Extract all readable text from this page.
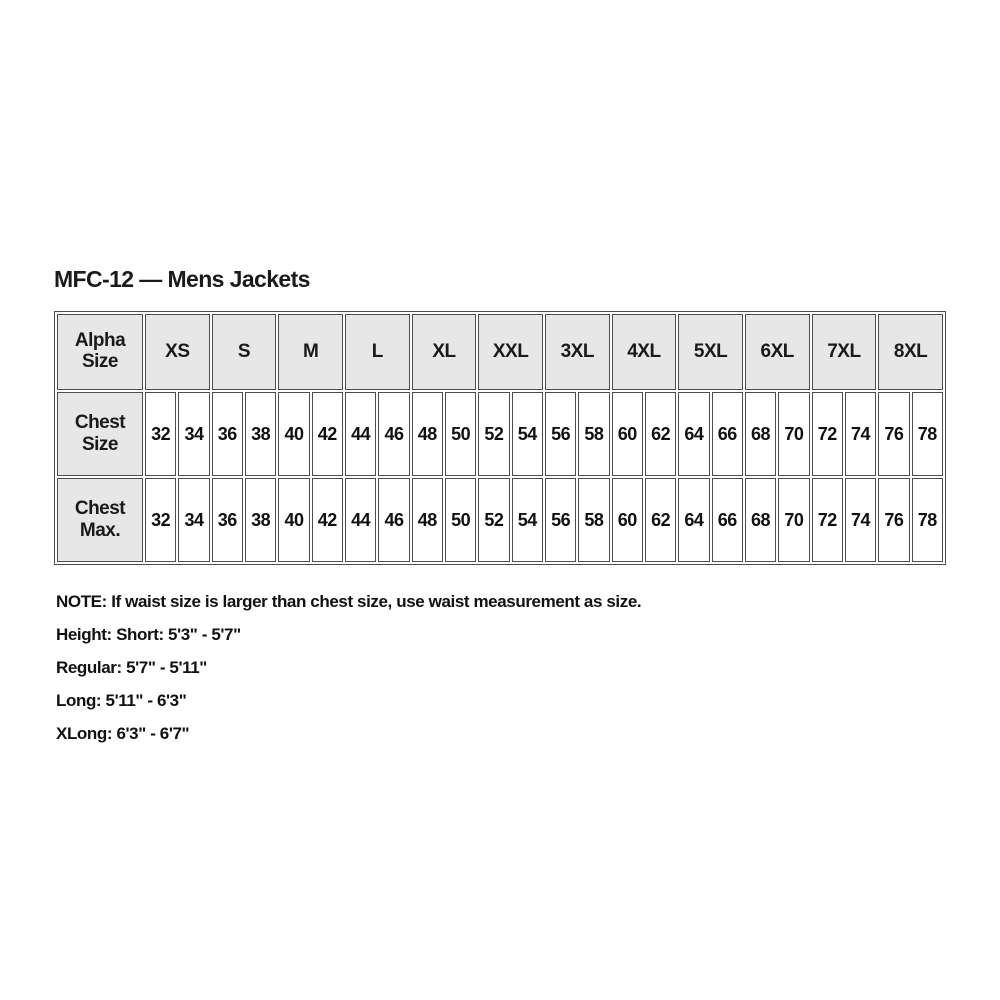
MFC-12 — Mens Jackets
Alpha Size	XS		S		M		L		XL		XXL		3XL		4XL		5XL		6XL		7XL		8XL	
Chest Size	32	34	36	38	40	42	44	46	48	50	52	54	56	58	60	62	64	66	68	70	72	74	76	78
Chest Max.	32	34	36	38	40	42	44	46	48	50	52	54	56	58	60	62	64	66	68	70	72	74	76	78
NOTE: If waist size is larger than chest size, use waist measurement as size.
Height: Short: 5'3" - 5'7"
Regular: 5'7" - 5'11"
Long: 5'11" - 6'3"
XLong: 6'3" - 6'7"
